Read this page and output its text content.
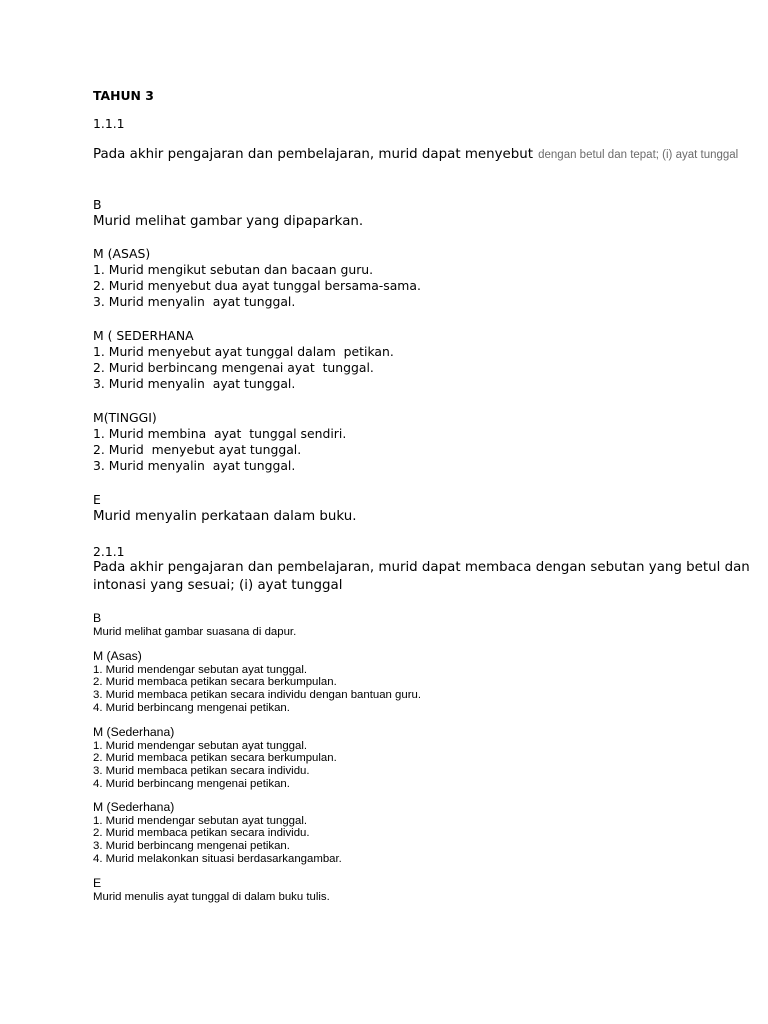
TAHUN 3
1.1.1
Pada akhir pengajaran dan pembelajaran, murid dapat menyebut dengan betul dan tepat; (i) ayat tunggal
B
Murid melihat gambar yang dipaparkan.
M (ASAS)
1. Murid mengikut sebutan dan bacaan guru.
2. Murid menyebut dua ayat tunggal bersama-sama.
3. Murid menyalin  ayat tunggal.
M ( SEDERHANA
1. Murid menyebut ayat tunggal dalam  petikan.
2. Murid berbincang mengenai ayat  tunggal.
3. Murid menyalin  ayat tunggal.
M(TINGGI)
1. Murid membina  ayat  tunggal sendiri.
2. Murid  menyebut ayat tunggal.
3. Murid menyalin  ayat tunggal.
E
Murid menyalin perkataan dalam buku.
2.1.1
Pada akhir pengajaran dan pembelajaran, murid dapat membaca dengan sebutan yang betul dan
intonasi yang sesuai; (i) ayat tunggal
B
Murid melihat gambar suasana di dapur.
M (Asas)
1. Murid mendengar sebutan ayat tunggal.
2. Murid membaca petikan secara berkumpulan.
3. Murid membaca petikan secara individu dengan bantuan guru.
4. Murid berbincang mengenai petikan.
M (Sederhana)
1. Murid mendengar sebutan ayat tunggal.
2. Murid membaca petikan secara berkumpulan.
3. Murid membaca petikan secara individu.
4. Murid berbincang mengenai petikan.
M (Sederhana)
1. Murid mendengar sebutan ayat tunggal.
2. Murid membaca petikan secara individu.
3. Murid berbincang mengenai petikan.
4. Murid melakonkan situasi berdasarkangambar.
E
Murid menulis ayat tunggal di dalam buku tulis.
